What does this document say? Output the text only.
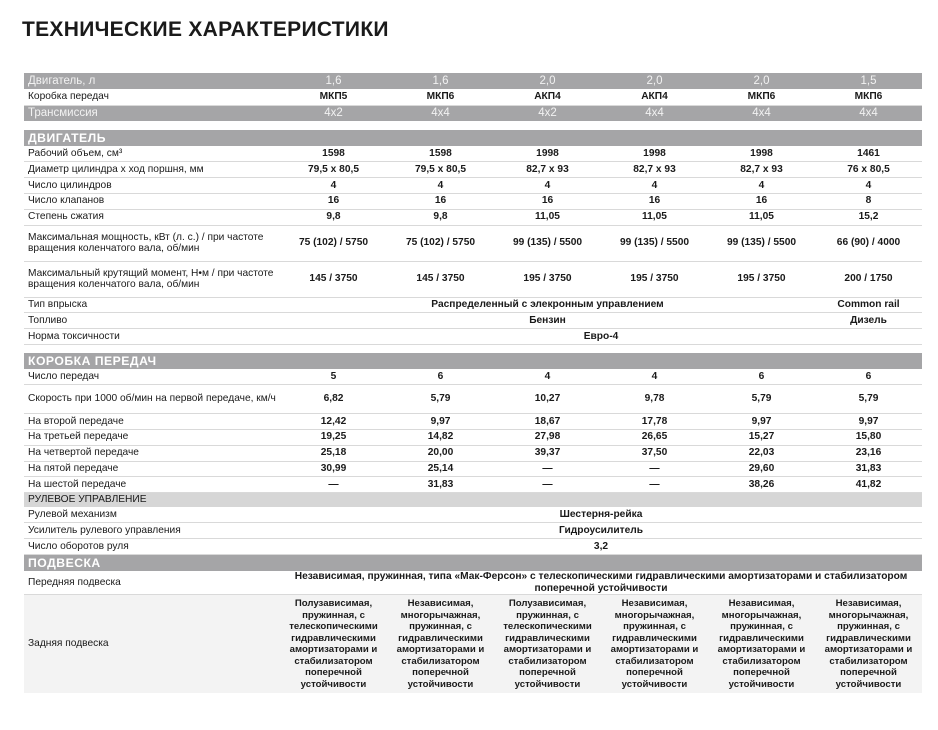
ТЕХНИЧЕСКИЕ ХАРАКТЕРИСТИКИ
Двигатель, л	1,6	1,6	2,0	2,0	2,0	1,5
Коробка передач	МКП5	МКП6	АКП4	АКП4	МКП6	МКП6
Трансмиссия	4x2	4x4	4x2	4x4	4x4	4x4

ДВИГАТЕЛЬ						
Рабочий объем, см³	1598	1598	1998	1998	1998	1461
Диаметр цилиндра х ход поршня, мм	79,5 x 80,5	79,5 x 80,5	82,7 x 93	82,7 x 93	82,7 x 93	76 x 80,5
Число цилиндров	4	4	4	4	4	4
Число клапанов	16	16	16	16	16	8
Степень сжатия	9,8	9,8	11,05	11,05	11,05	15,2
Максимальная мощность, кВт (л. с.) / при частоте вращения коленчатого вала, об/мин	75 (102) / 5750	75 (102) / 5750	99 (135) / 5500	99 (135) / 5500	99 (135) / 5500	66 (90) / 4000
Максимальный крутящий момент, Н•м / при частоте вращения коленчатого вала, об/мин	145 / 3750	145 / 3750	195 / 3750	195 / 3750	195 / 3750	200 / 1750
Тип впрыска	Распределенный с элекронным управлением					Common rail
Топливо	Бензин					Дизель
Норма токсичности	Евро-4					

КОРОБКА ПЕРЕДАЧ						
Число передач	5	6	4	4	6	6
Скорость при 1000 об/мин на первой передаче, км/ч	6,82	5,79	10,27	9,78	5,79	5,79
На второй передаче	12,42	9,97	18,67	17,78	9,97	9,97
На третьей передаче	19,25	14,82	27,98	26,65	15,27	15,80
На четвертой передаче	25,18	20,00	39,37	37,50	22,03	23,16
На пятой передаче	30,99	25,14	—	—	29,60	31,83
На шестой передаче	—	31,83	—	—	38,26	41,82
РУЛЕВОЕ УПРАВЛЕНИЕ						
Рулевой механизм	Шестерня-рейка					
Усилитель рулевого управления	Гидроусилитель					
Число оборотов руля	3,2					
ПОДВЕСКА						
Передняя подвеска	Независимая, пружинная, типа «Мак-Ферсон» с телескопическими гидравлическими амортизаторами и стабилизатором поперечной устойчивости					
Задняя подвеска	Полузависимая, пружинная, с телескопическими гидравлическими амортизаторами и стабилизатором поперечной устойчивости	Независимая, многорычажная, пружинная, с гидравлическими амортизаторами и стабилизатором поперечной устойчивости	Полузависимая, пружинная, с телескопическими гидравлическими амортизаторами и стабилизатором поперечной устойчивости	Независимая, многорычажная, пружинная, с гидравлическими амортизаторами и стабилизатором поперечной устойчивости	Независимая, многорычажная, пружинная, с гидравлическими амортизаторами и стабилизатором поперечной устойчивости	Независимая, многорычажная, пружинная, с гидравлическими амортизаторами и стабилизатором поперечной устойчивости
